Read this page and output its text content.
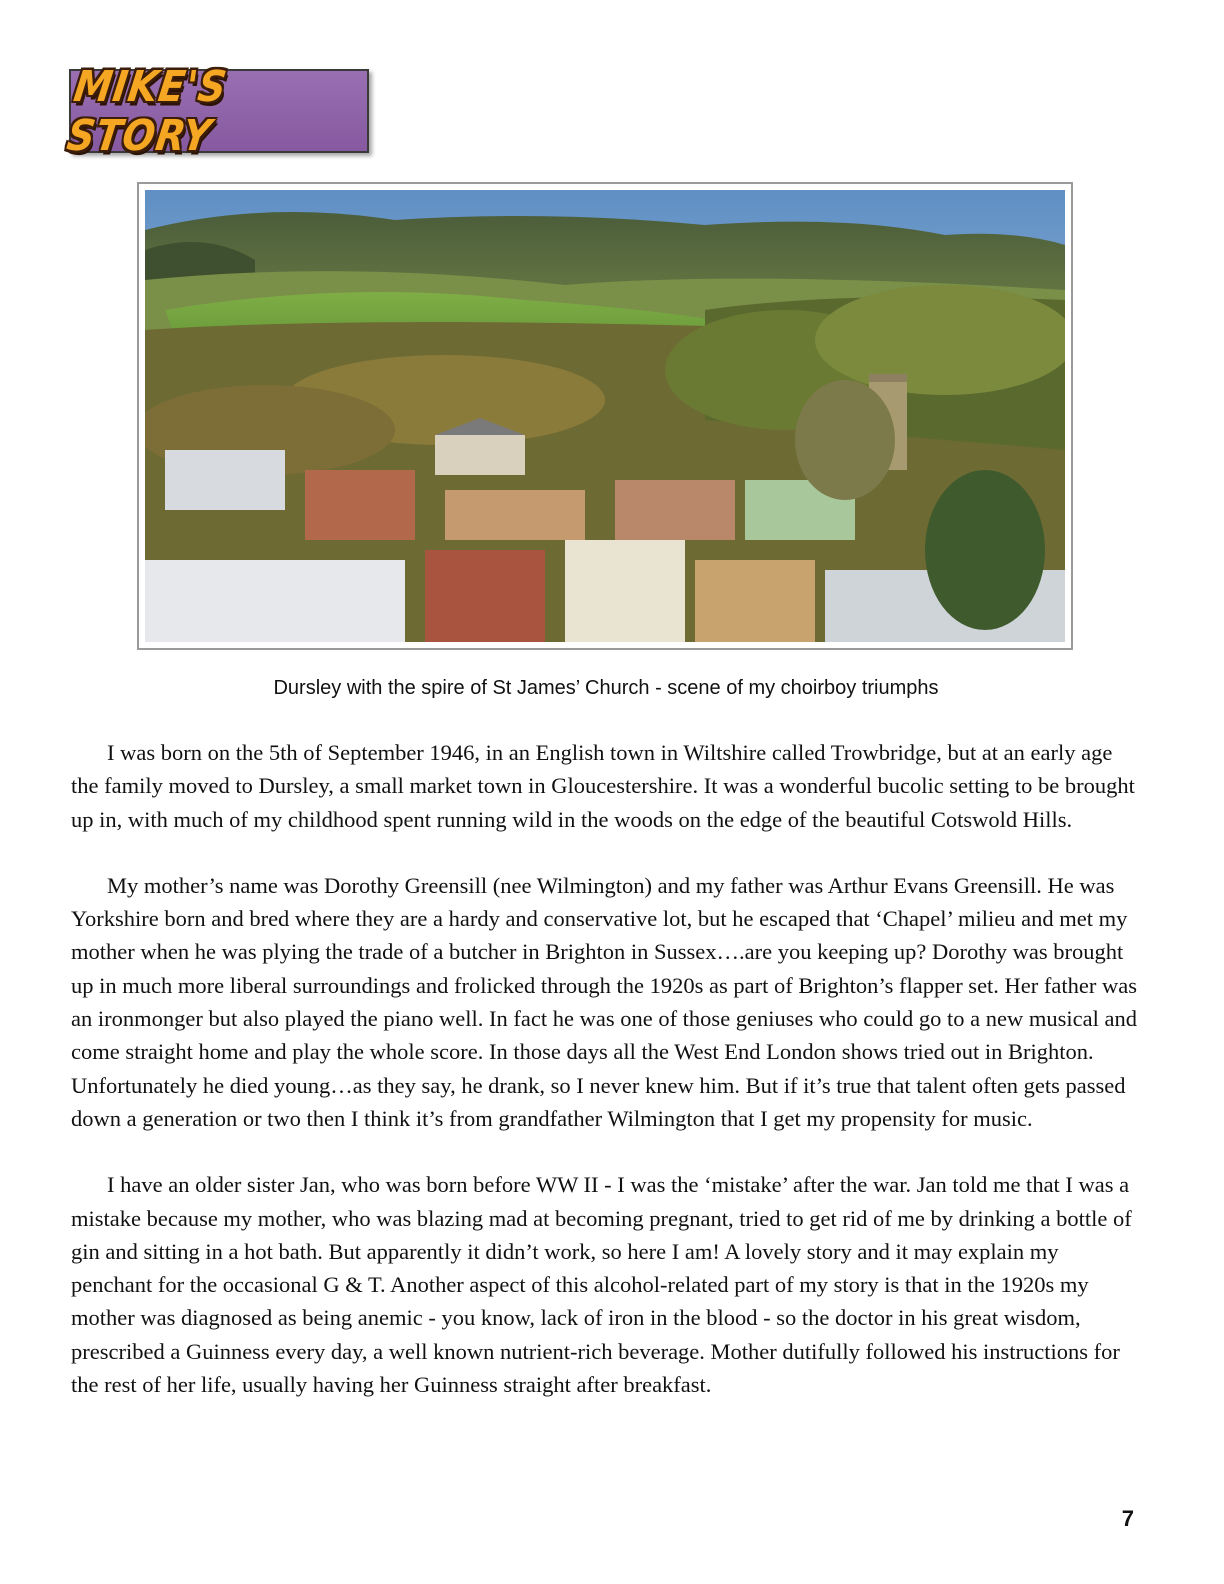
MIKE'S STORY
Dursley with the spire of St James’ Church - scene of my choirboy triumphs

I was born on the 5th of September 1946, in an English town in Wiltshire called Trowbridge, but at an early age the family moved to Dursley, a small market town in Gloucestershire. It was a wonderful bucolic setting to be brought up in, with much of my childhood spent running wild in the woods on the edge of the beautiful Cotswold Hills.

My mother’s name was Dorothy Greensill (nee Wilmington) and my father was Arthur Evans Greensill. He was Yorkshire born and bred where they are a hardy and conservative lot, but he escaped that ‘Chapel’ milieu and met my mother when he was plying the trade of a butcher in Brighton in Sussex….are you keeping up? Dorothy was brought up in much more liberal surroundings and frolicked through the 1920s as part of Brighton’s flapper set. Her father was an ironmonger but also played the piano well. In fact he was one of those geniuses who could go to a new musical and come straight home and play the whole score. In those days all the West End London shows tried out in Brighton. Unfortunately he died young…as they say, he drank, so I never knew him. But if it’s true that talent often gets passed down a generation or two then I think it’s from grandfather Wilmington that I get my propensity for music.

I have an older sister Jan, who was born before WW II - I was the ‘mistake’ after the war. Jan told me that I was a mistake because my mother, who was blazing mad at becoming pregnant, tried to get rid of me by drinking a bottle of gin and sitting in a hot bath. But apparently it didn’t work, so here I am! A lovely story and it may explain my penchant for the occasional G & T. Another aspect of this alcohol-related part of my story is that in the 1920s my mother was diagnosed as being anemic - you know, lack of iron in the blood - so the doctor in his great wisdom, prescribed a Guinness every day, a well known nutrient-rich beverage. Mother dutifully followed his instructions for the rest of her life, usually having her Guinness straight after breakfast.

7
